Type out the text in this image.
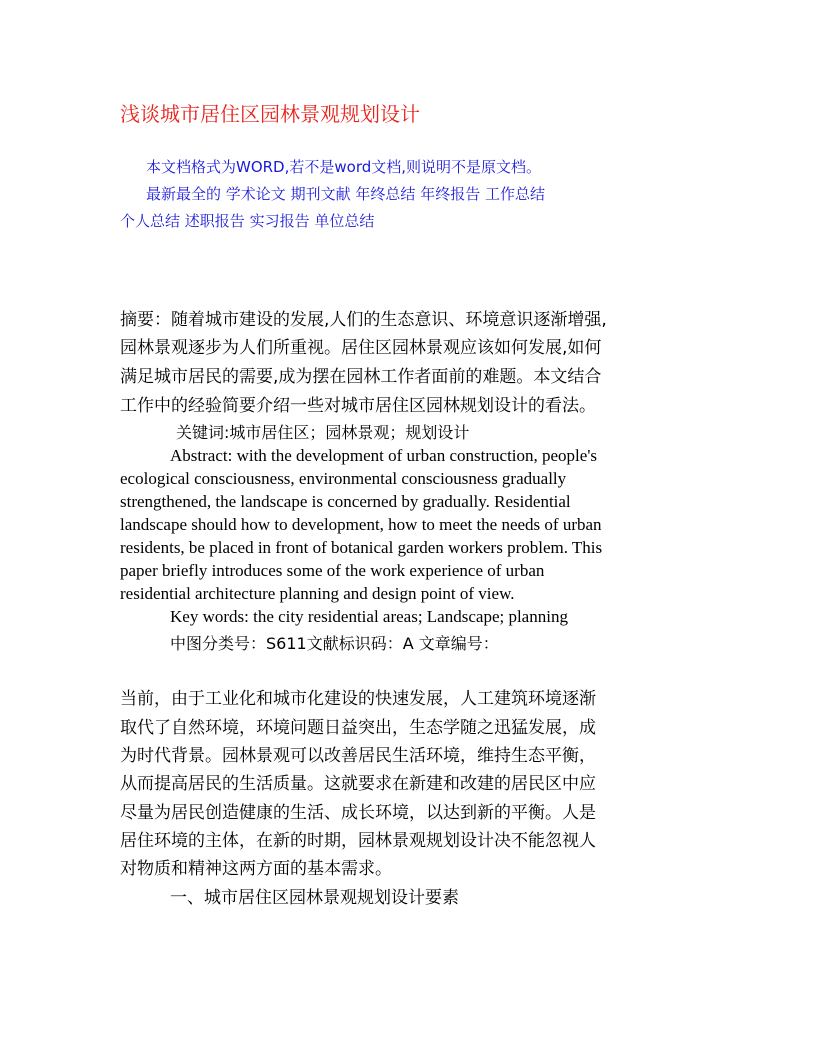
浅谈城市居住区园林景观规划设计
本文档格式为WORD,若不是word文档,则说明不是原文档。
最新最全的 学术论文 期刊文献 年终总结 年终报告 工作总结
个人总结 述职报告 实习报告 单位总结
摘要：随着城市建设的发展,人们的生态意识、环境意识逐渐增强,
园林景观逐步为人们所重视。居住区园林景观应该如何发展,如何
满足城市居民的需要,成为摆在园林工作者面前的难题。本文结合
工作中的经验简要介绍一些对城市居住区园林规划设计的看法。
关键词:城市居住区；园林景观；规划设计
Abstract: with the development of urban construction, people's
ecological consciousness, environmental consciousness gradually
strengthened, the landscape is concerned by gradually. Residential
landscape should how to development, how to meet the needs of urban
residents, be placed in front of botanical garden workers problem. This
paper briefly introduces some of the work experience of urban
residential architecture planning and design point of view.
Key words: the city residential areas; Landscape; planning
中图分类号：S611文献标识码：A 文章编号：
当前，由于工业化和城市化建设的快速发展，人工建筑环境逐渐
取代了自然环境，环境问题日益突出，生态学随之迅猛发展，成
为时代背景。园林景观可以改善居民生活环境，维持生态平衡，
从而提高居民的生活质量。这就要求在新建和改建的居民区中应
尽量为居民创造健康的生活、成长环境，以达到新的平衡。人是
居住环境的主体，在新的时期，园林景观规划设计决不能忽视人
对物质和精神这两方面的基本需求。
一、城市居住区园林景观规划设计要素
